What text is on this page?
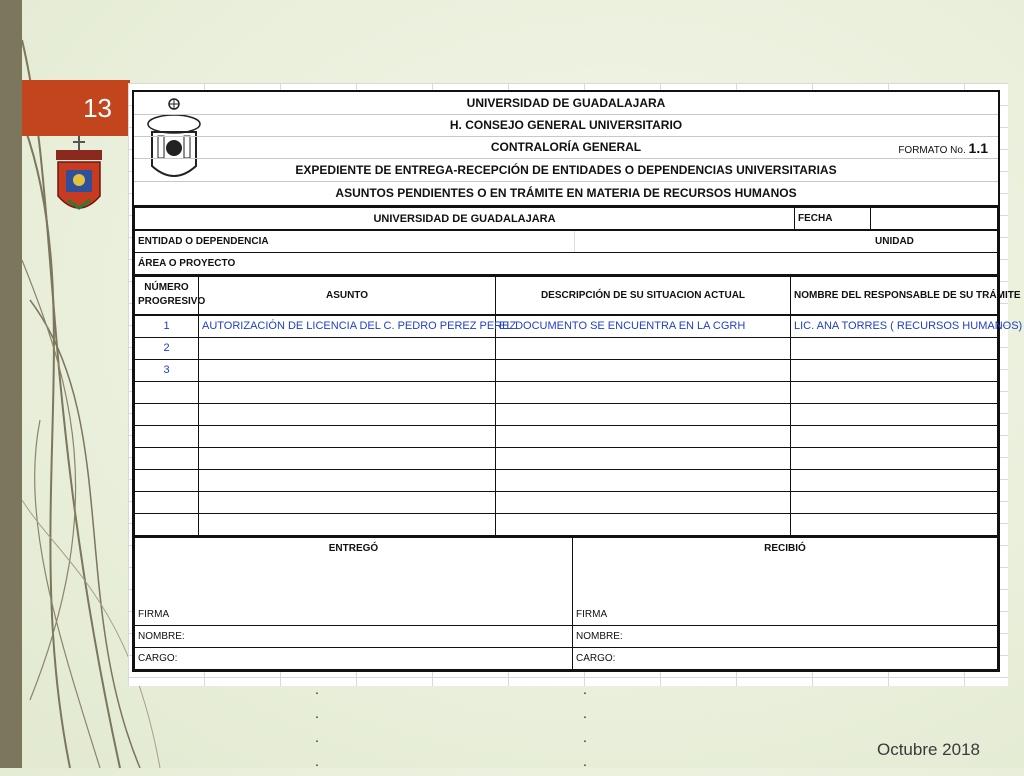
13	UNIVERSIDAD DE GUADALAJARA
H. CONSEJO GENERAL UNIVERSITARIO
CONTRALORÍA GENERAL	FORMATO No. 1.1
EXPEDIENTE DE ENTREGA-RECEPCIÓN DE ENTIDADES O DEPENDENCIAS UNIVERSITARIAS
ASUNTOS PENDIENTES O EN TRÁMITE EN MATERIA DE RECURSOS HUMANOS
UNIVERSIDAD DE GUADALAJARA		FECHA	
ENTIDAD O DEPENDENCIA	UNIDAD		
ÁREA O PROYECTO			
NÚMERO PROGRESIVO	ASUNTO	DESCRIPCIÓN DE SU SITUACION ACTUAL	NOMBRE DEL RESPONSABLE DE SU TRÁMITE
1	AUTORIZACIÓN DE LICENCIA DEL C. PEDRO PEREZ PEREZ	EL DOCUMENTO SE ENCUENTRA EN LA CGRH	LIC. ANA TORRES ( RECURSOS HUMANOS)
2			
3			

ENTREGÓ	RECIBIÓ

FIRMA	FIRMA
NOMBRE:	NOMBRE:
CARGO:	CARGO:
·
·
·
·
·
·
·
·
Octubre 2018
